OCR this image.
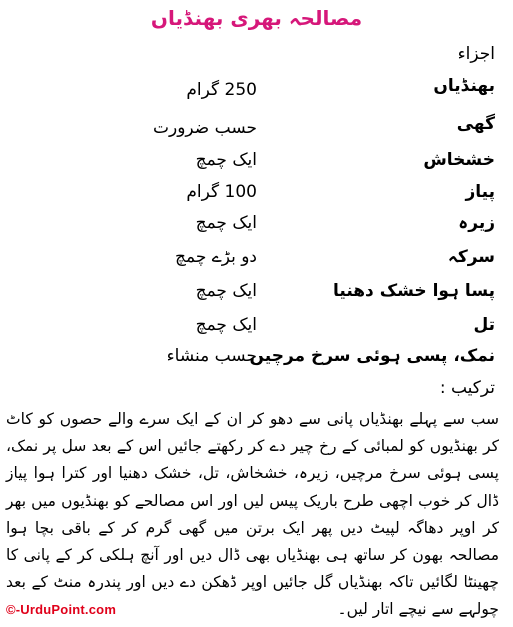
مصالحہ بھری بھنڈیاں
اجزاء
بھنڈیاں
250 گرام
گھی
حسب ضرورت
خشخاش
ایک چمچ
پیاز
100 گرام
زیرہ
ایک چمچ
سرکہ
دو بڑے چمچ
پسا ہوا خشک دھنیا
ایک چمچ
تل
ایک چمچ
نمک، پسی ہوئی سرخ مرچیں
حسب منشاء
ترکیب :

سب سے پہلے بھنڈیاں پانی سے دھو کر ان کے ایک سرے والے حصوں کو کاٹ کر بھنڈیوں کو لمبائی کے رخ چیر دے کر رکھتے جائیں اس کے بعد سل پر نمک، پسی ہوئی سرخ مرچیں، زیرہ، خشخاش، تل، خشک دھنیا اور کترا ہوا پیاز ڈال کر خوب اچھی طرح باریک پیس لیں اور اس مصالحے کو بھنڈیوں میں بھر کر اوپر دھاگہ لپیٹ دیں پھر ایک برتن میں گھی گرم کر کے باقی بچا ہوا مصالحہ بھون کر ساتھ ہی بھنڈیاں بھی ڈال دیں اور آنچ ہلکی کر کے پانی کا چھینٹا لگائیں تاکہ بھنڈیاں گل جائیں اوپر ڈھکن دے دیں اور پندرہ منٹ کے بعد چولہے سے نیچے اتار لیں۔

©-UrduPoint.com
